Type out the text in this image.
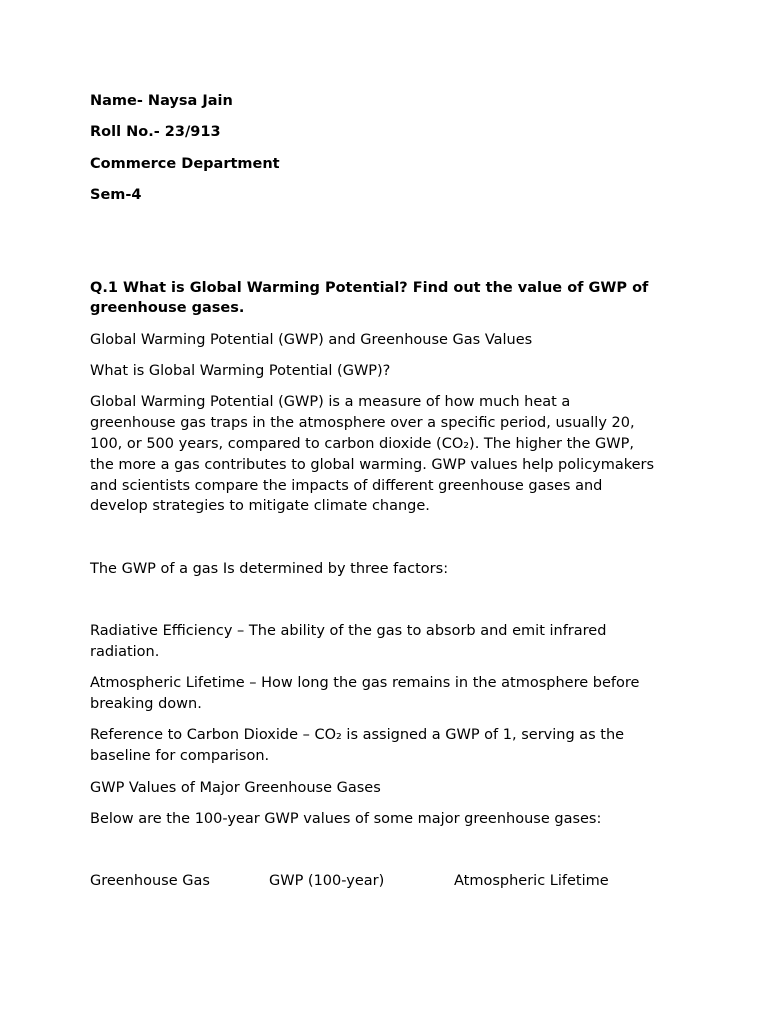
Name- Naysa Jain

Roll No.- 23/913

Commerce Department

Sem-4

Q.1 What is Global Warming Potential? Find out the value of GWP of

greenhouse gases.

Global Warming Potential (GWP) and Greenhouse Gas Values

What is Global Warming Potential (GWP)?

Global Warming Potential (GWP) is a measure of how much heat a

greenhouse gas traps in the atmosphere over a specific period, usually 20,

100, or 500 years, compared to carbon dioxide (CO₂). The higher the GWP,

the more a gas contributes to global warming. GWP values help policymakers

and scientists compare the impacts of different greenhouse gases and

develop strategies to mitigate climate change.

The GWP of a gas Is determined by three factors:

Radiative Efficiency – The ability of the gas to absorb and emit infrared

radiation.

Atmospheric Lifetime – How long the gas remains in the atmosphere before

breaking down.

Reference to Carbon Dioxide – CO₂ is assigned a GWP of 1, serving as the

baseline for comparison.

GWP Values of Major Greenhouse Gases

Below are the 100-year GWP values of some major greenhouse gases:

Greenhouse Gas	GWP (100-year)	Atmospheric Lifetime
